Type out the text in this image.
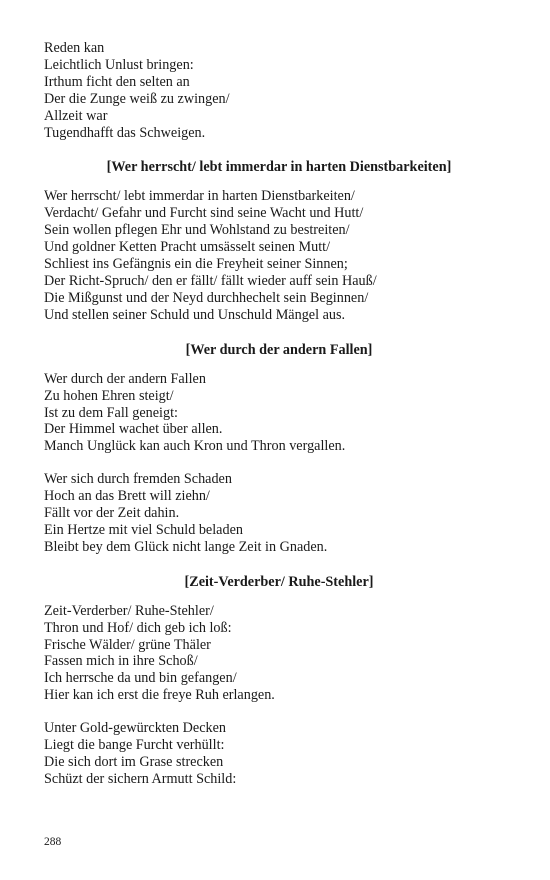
Reden kan
Leichtlich Unlust bringen:
Irthum ficht den selten an
Der die Zunge weiß zu zwingen/
Allzeit war
Tugendhafft das Schweigen.
[Wer herrscht/ lebt immerdar in harten Dienstbarkeiten]
Wer herrscht/ lebt immerdar in harten Dienstbarkeiten/
Verdacht/ Gefahr und Furcht sind seine Wacht und Hutt/
Sein wollen pflegen Ehr und Wohlstand zu bestreiten/
Und goldner Ketten Pracht umsässelt seinen Mutt/
Schliest ins Gefängnis ein die Freyheit seiner Sinnen;
Der Richt-Spruch/ den er fällt/ fällt wieder auff sein Hauß/
Die Mißgunst und der Neyd durchhechelt sein Beginnen/
Und stellen seiner Schuld und Unschuld Mängel aus.
[Wer durch der andern Fallen]
Wer durch der andern Fallen
Zu hohen Ehren steigt/
Ist zu dem Fall geneigt:
Der Himmel wachet über allen.
Manch Unglück kan auch Kron und Thron vergallen.
Wer sich durch fremden Schaden
Hoch an das Brett will ziehn/
Fällt vor der Zeit dahin.
Ein Hertze mit viel Schuld beladen
Bleibt bey dem Glück nicht lange Zeit in Gnaden.
[Zeit-Verderber/ Ruhe-Stehler]
Zeit-Verderber/ Ruhe-Stehler/
Thron und Hof/ dich geb ich loß:
Frische Wälder/ grüne Thäler
Fassen mich in ihre Schoß/
Ich herrsche da und bin gefangen/
Hier kan ich erst die freye Ruh erlangen.
Unter Gold-gewürckten Decken
Liegt die bange Furcht verhüllt:
Die sich dort im Grase strecken
Schüzt der sichern Armutt Schild:
288
